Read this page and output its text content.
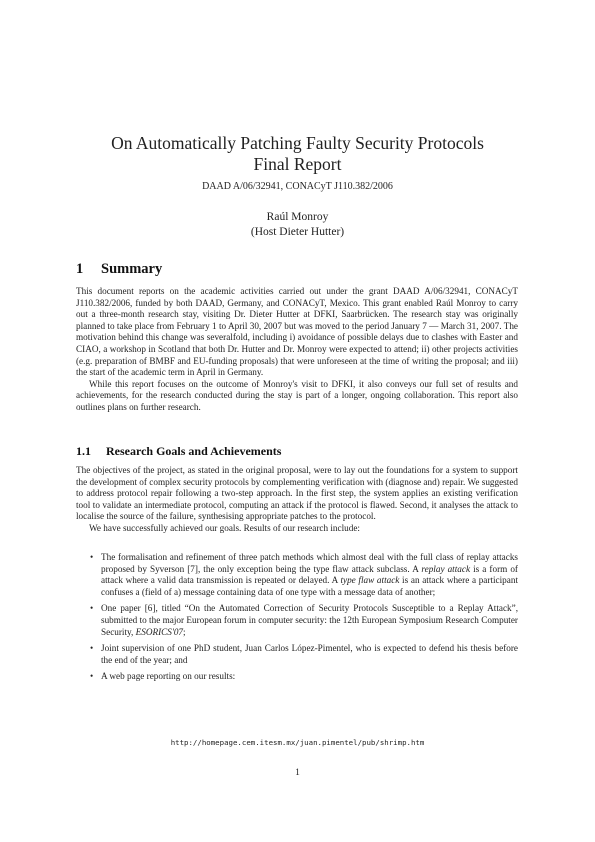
On Automatically Patching Faulty Security Protocols
Final Report
DAAD A/06/32941, CONACyT J110.382/2006
Raúl Monroy
(Host Dieter Hutter)
1 Summary

This document reports on the academic activities carried out under the grant DAAD A/06/32941, CONACyT J110.382/2006, funded by both DAAD, Germany, and CONACyT, Mexico. This grant enabled Raúl Monroy to carry out a three-month research stay, visiting Dr. Dieter Hutter at DFKI, Saarbrücken. The research stay was originally planned to take place from February 1 to April 30, 2007 but was moved to the period January 7 — March 31, 2007. The motivation behind this change was severalfold, including i) avoidance of possible delays due to clashes with Easter and CIAO, a workshop in Scotland that both Dr. Hutter and Dr. Monroy were expected to attend; ii) other projects activities (e.g. preparation of BMBF and EU-funding proposals) that were unforeseen at the time of writing the proposal; and iii) the start of the academic term in April in Germany.

While this report focuses on the outcome of Monroy's visit to DFKI, it also conveys our full set of results and achievements, for the research conducted during the stay is part of a longer, ongoing collaboration. This report also outlines plans on further research.

1.1 Research Goals and Achievements

The objectives of the project, as stated in the original proposal, were to lay out the foundations for a system to support the development of complex security protocols by complementing verification with (diagnose and) repair. We suggested to address protocol repair following a two-step approach. In the first step, the system applies an existing verification tool to validate an intermediate protocol, computing an attack if the protocol is flawed. Second, it analyses the attack to localise the source of the failure, synthesising appropriate patches to the protocol.

We have successfully achieved our goals. Results of our research include:

• The formalisation and refinement of three patch methods which almost deal with the full class of replay attacks proposed by Syverson [7], the only exception being the type flaw attack subclass. A replay attack is a form of attack where a valid data transmission is repeated or delayed. A type flaw attack is an attack where a participant confuses a (field of a) message containing data of one type with a message data of another;
• One paper [6], titled “On the Automated Correction of Security Protocols Susceptible to a Replay Attack”, submitted to the major European forum in computer security: the 12th European Symposium Research Computer Security, ESORICS'07;
• Joint supervision of one PhD student, Juan Carlos López-Pimentel, who is expected to defend his thesis before the end of the year; and
• A web page reporting on our results:
http://homepage.cem.itesm.mx/juan.pimentel/pub/shrimp.htm
1
